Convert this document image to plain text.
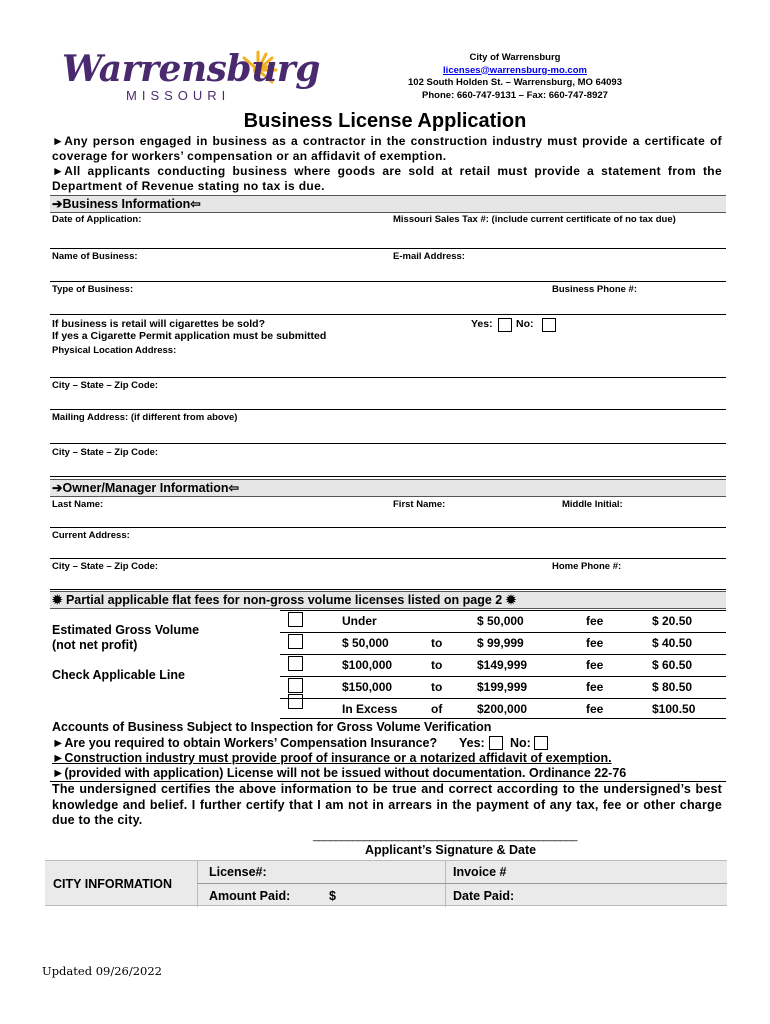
Warrensburg
MISSOURI
City of Warrensburg
licenses@warrensburg-mo.com
102 South Holden St. – Warrensburg, MO 64093
Phone: 660-747-9131 – Fax: 660-747-8927
Business License Application
►Any person engaged in business as a contractor in the construction industry must provide a certificate of coverage for workers’ compensation or an affidavit of exemption.
►All applicants conducting business where goods are sold at retail must provide a statement from the Department of Revenue stating no tax is due.
➔Business Information⇦
Date of Application:	Missouri Sales Tax #: (include current certificate of no tax due)
Name of Business:	E-mail Address:
Type of Business:	Business Phone #:
If business is retail will cigarettes be sold?
If yes a Cigarette Permit application must be submitted
Yes: No:
Physical Location Address:
City – State – Zip Code:
Mailing Address: (if different from above)
City – State – Zip Code:
➔Owner/Manager Information⇦
Last Name:	First Name:	Middle Initial:
Current Address:
City – State – Zip Code:	Home Phone #:
✹ Partial applicable flat fees for non-gross volume licenses listed on page 2 ✹
Estimated Gross Volume
(not net profit)
Check Applicable Line
Under	$ 50,000	fee	$ 20.50
$ 50,000	to	$ 99,999	fee	$ 40.50
$100,000	to	$149,999	fee	$ 60.50
$150,000	to	$199,999	fee	$ 80.50
In Excess	of	$200,000	fee	$100.50
Accounts of Business Subject to Inspection for Gross Volume Verification
►Are you required to obtain Workers’ Compensation Insurance? Yes: No:
►Construction industry must provide proof of insurance or a notarized affidavit of exemption.
►(provided with application) License will not be issued without documentation. Ordinance 22-76
The undersigned certifies the above information to be true and correct according to the undersigned’s best knowledge and belief. I further certify that I am not in arrears in the payment of any tax, fee or other charge due to the city.
_______________________________________________
Applicant’s Signature & Date
CITY INFORMATION
License#:	Invoice #
Amount Paid:	$	Date Paid:
Updated 09/26/2022
